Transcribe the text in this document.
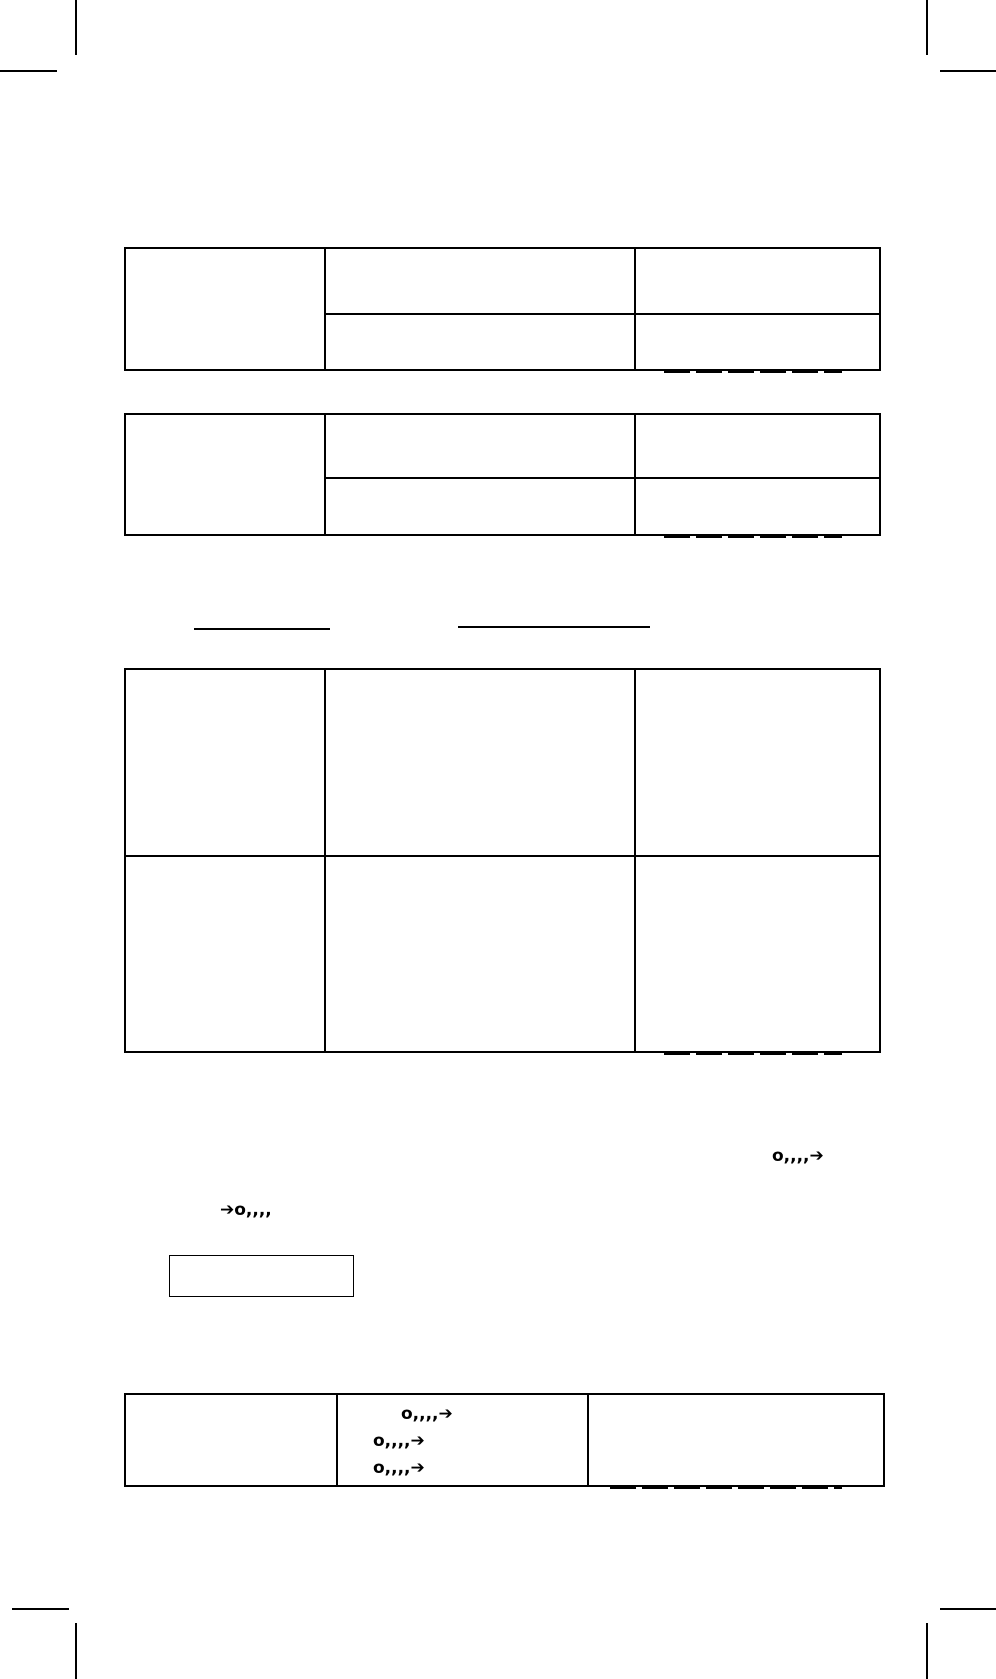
o,,,,➔
➔o,,,,
o,,,,➔
o,,,,➔
o,,,,➔
